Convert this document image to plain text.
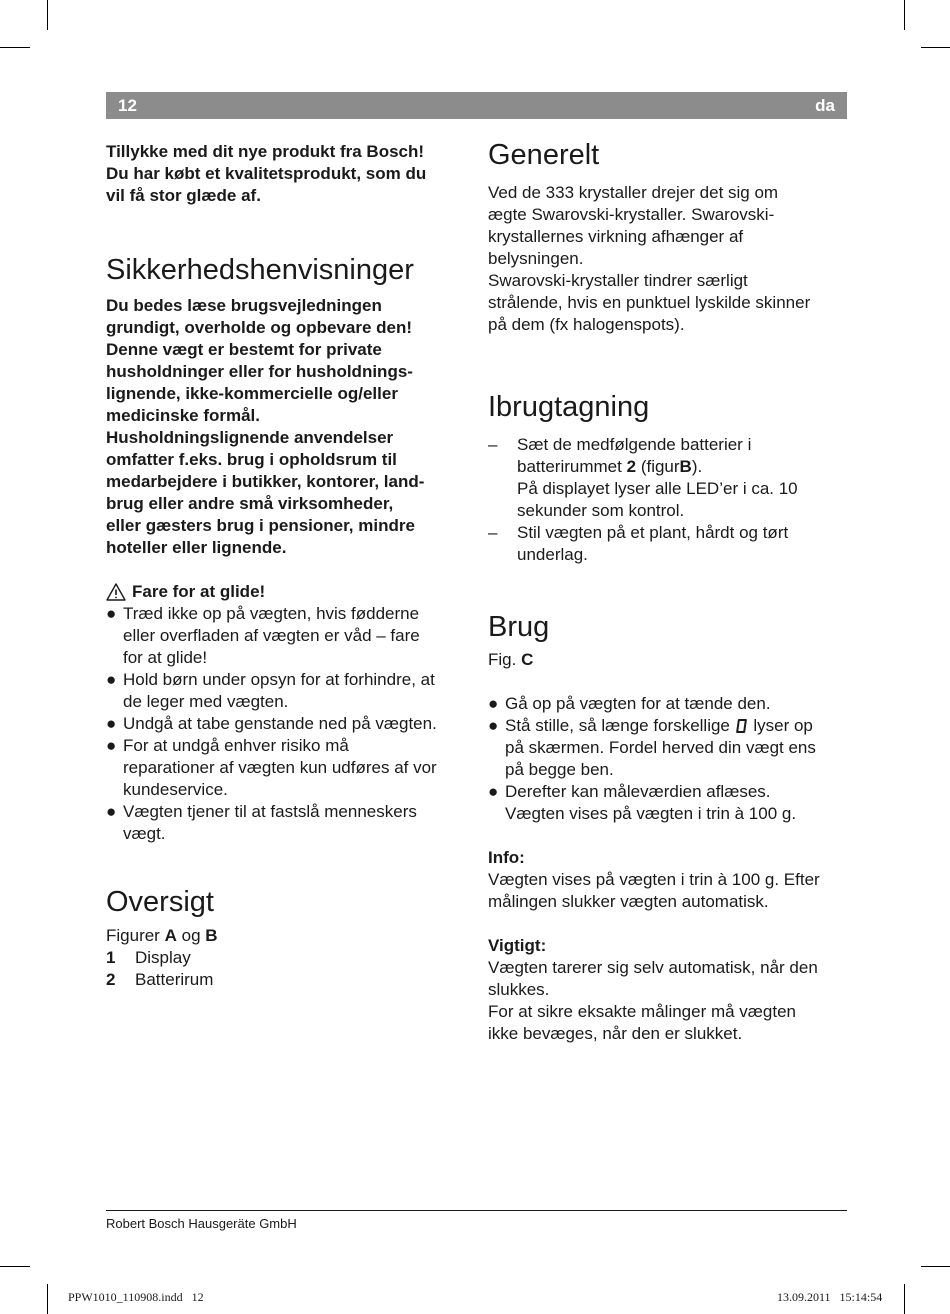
12	da

Tillykke med dit nye produkt fra Bosch!

Du har købt et kvalitetsprodukt, som du

vil få stor glæde af.

Sikkerhedshenvisninger

Du bedes læse brugsvejledningen

grundigt, overholde og opbevare den!

Denne vægt er bestemt for private

husholdninger eller for husholdnings-

lignende, ikke-kommercielle og/eller

medicinske formål.

Husholdningslignende anvendelser

omfatter f.eks. brug i opholdsrum til

medarbejdere i butikker, kontorer, land-

brug eller andre små virksomheder,

eller gæsters brug i pensioner, mindre

hoteller eller lignende.

Fare for at glide!
● Træd ikke op på vægten, hvis fødderne

eller overfladen af vægten er våd – fare

for at glide!

● Hold børn under opsyn for at forhindre, at

de leger med vægten.

● Undgå at tabe genstande ned på vægten.

● For at undgå enhver risiko må

reparationer af vægten kun udføres af vor

kundeservice.

● Vægten tjener til at fastslå menneskers

vægt.

Oversigt

Figurer A og B

1 Display
2 Batterirum
Generelt

Ved de 333 krystaller drejer det sig om

ægte Swarovski-krystaller. Swarovski-

krystallernes virkning afhænger af

belysningen.

Swarovski-krystaller tindrer særligt

strålende, hvis en punktuel lyskilde skinner

på dem (fx halogenspots).

Ibrugtagning
– Sæt de medfølgende batterier i

batterirummet 2 (figurB).

På displayet lyser alle LED’er i ca. 10

sekunder som kontrol.

– Stil vægten på et plant, hårdt og tørt

underlag.

Brug

Fig. C

● Gå op på vægten for at tænde den.

● Stå stille, så længe forskellige lyser op

på skærmen. Fordel herved din vægt ens

på begge ben.

● Derefter kan måleværdien aflæses.

Vægten vises på vægten i trin à 100 g.

Info:

Vægten vises på vægten i trin à 100 g. Efter

målingen slukker vægten automatisk.

Vigtigt:

Vægten tarerer sig selv automatisk, når den

slukkes.

For at sikre eksakte målinger må vægten

ikke bevæges, når den er slukket.

Robert Bosch Hausgeräte GmbH
PPW1010_110908.indd   12	13.09.2011   15:14:54
